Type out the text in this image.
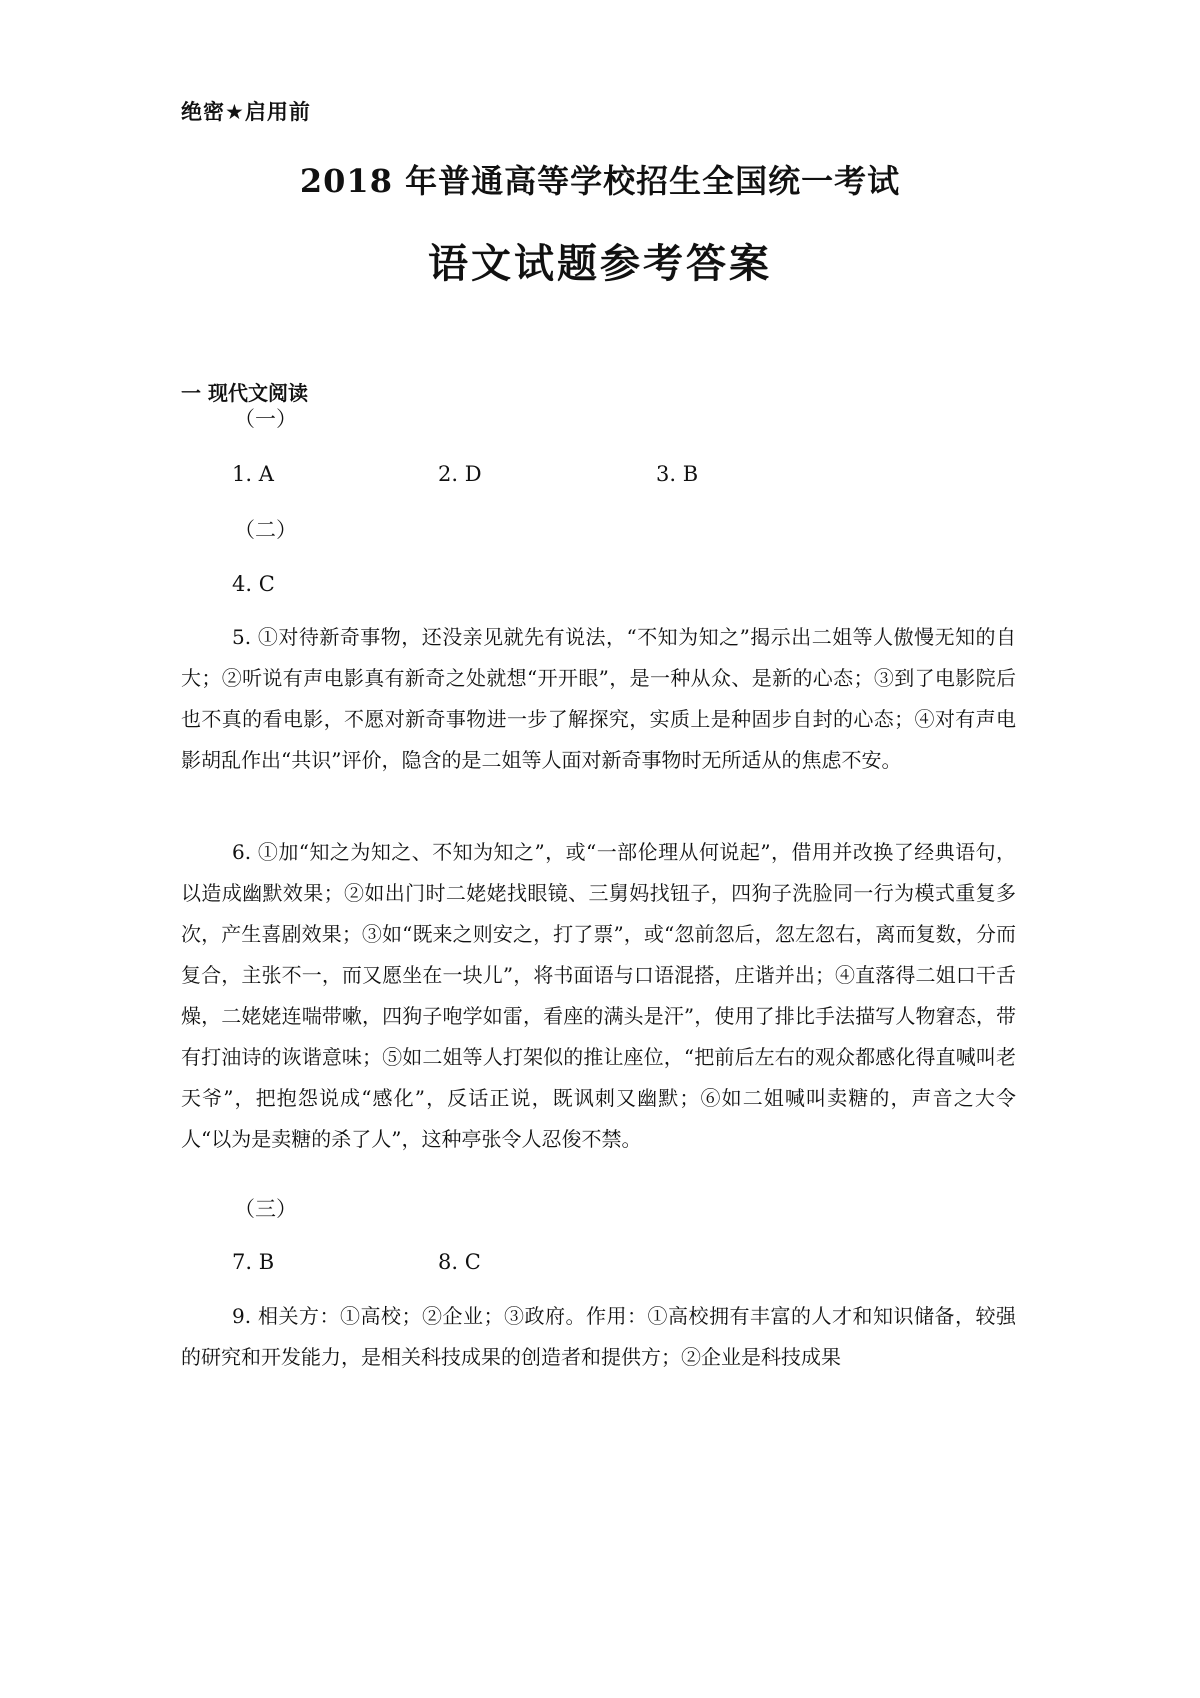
绝密★启用前
2018 年普通高等学校招生全国统一考试
语文试题参考答案
一 现代文阅读
（一）
1. A	2. D	3. B
（二）
4. C
5. ①对待新奇事物，还没亲见就先有说法，“不知为知之”揭示出二姐等人傲慢无知的自大；②听说有声电影真有新奇之处就想“开开眼”，是一种从众、是新的心态；③到了电影院后也不真的看电影，不愿对新奇事物进一步了解探究，实质上是种固步自封的心态；④对有声电影胡乱作出“共识”评价，隐含的是二姐等人面对新奇事物时无所适从的焦虑不安。
6. ①加“知之为知之、不知为知之”，或“一部伦理从何说起”，借用并改换了经典语句，以造成幽默效果；②如出门时二姥姥找眼镜、三舅妈找钮子，四狗子洗脸同一行为模式重复多次，产生喜剧效果；③如“既来之则安之，打了票”，或“忽前忽后，忽左忽右，离而复数，分而复合，主张不一，而又愿坐在一块儿”，将书面语与口语混搭，庄谐并出；④直落得二姐口干舌燥，二姥姥连喘带嗽，四狗子咆学如雷，看座的满头是汗”，使用了排比手法描写人物窘态，带有打油诗的诙谐意味；⑤如二姐等人打架似的推让座位，“把前后左右的观众都感化得直喊叫老天爷”，把抱怨说成“感化”，反话正说，既讽刺又幽默；⑥如二姐喊叫卖糖的，声音之大令人“以为是卖糖的杀了人”，这种亭张令人忍俊不禁。
（三）
7. B	8. C
9. 相关方：①高校；②企业；③政府。作用：①高校拥有丰富的人才和知识储备，较强的研究和开发能力，是相关科技成果的创造者和提供方；②企业是科技成果
